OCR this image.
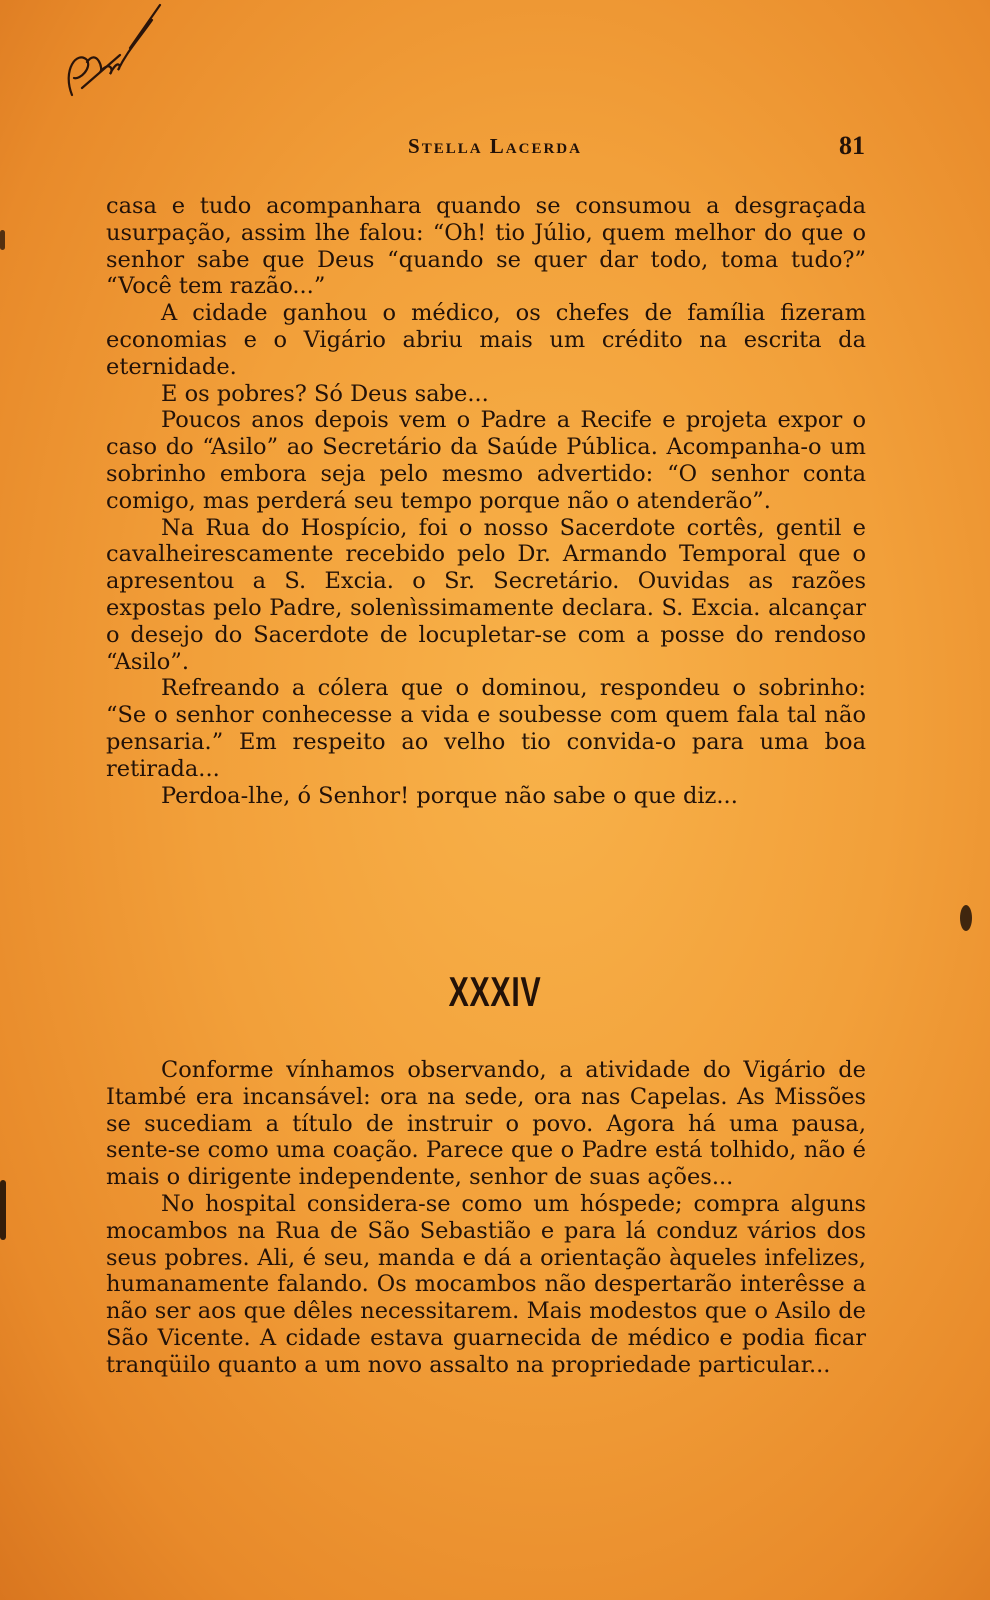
Stella Lacerda	81

casa e tudo acompanhara quando se consumou a desgraçada usurpação, assim lhe falou: “Oh! tio Júlio, quem melhor do que o senhor sabe que Deus “quando se quer dar todo, toma tudo?” “Você tem razão...”

A cidade ganhou o médico, os chefes de família fizeram economias e o Vigário abriu mais um crédito na escrita da eternidade.

E os pobres? Só Deus sabe...

Poucos anos depois vem o Padre a Recife e projeta expor o caso do “Asilo” ao Secretário da Saúde Pública. Acompanha-o um sobrinho embora seja pelo mesmo advertido: “O senhor conta comigo, mas perderá seu tempo porque não o atenderão”.

Na Rua do Hospício, foi o nosso Sacerdote cortês, gentil e cavalheirescamente recebido pelo Dr. Armando Temporal que o apresentou a S. Excia. o Sr. Secretário. Ouvidas as razões expostas pelo Padre, solenìssimamente declara. S. Excia. alcançar o desejo do Sacerdote de locupletar-se com a posse do rendoso “Asilo”.

Refreando a cólera que o dominou, respondeu o sobrinho: “Se o senhor conhecesse a vida e soubesse com quem fala tal não pensaria.” Em respeito ao velho tio convida-o para uma boa retirada...

Perdoa-lhe, ó Senhor! porque não sabe o que diz...

XXXIV

Conforme vínhamos observando, a atividade do Vigário de Itambé era incansável: ora na sede, ora nas Capelas. As Missões se sucediam a título de instruir o povo. Agora há uma pausa, sente-se como uma coação. Parece que o Padre está tolhido, não é mais o dirigente independente, senhor de suas ações...

No hospital considera-se como um hóspede; compra alguns mocambos na Rua de São Sebastião e para lá conduz vários dos seus pobres. Ali, é seu, manda e dá a orientação àqueles infelizes, humanamente falando. Os mocambos não despertarão interêsse a não ser aos que dêles necessitarem. Mais modestos que o Asilo de São Vicente. A cidade estava guarnecida de médico e podia ficar tranqüilo quanto a um novo assalto na propriedade particular...
